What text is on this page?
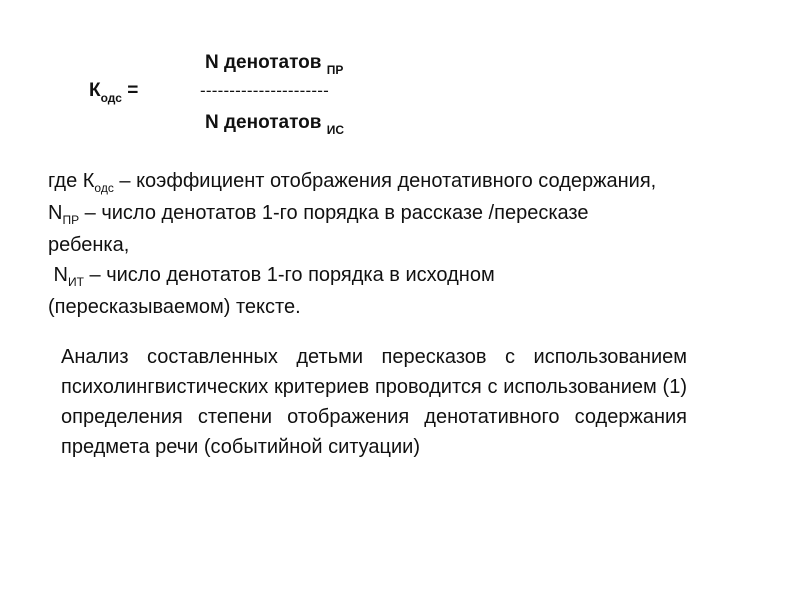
N денотатов $_{ПР}$
$К_{одс}$ =	----------------------
N денотатов $_{ИС}$

где $К_{одс}$ – коэффициент отображения денотативного содержания,

$N_{ПР}$ – число денотатов 1-го порядка в рассказе /пересказе

ребенка,

$N_{ИТ}$ – число денотатов 1-го порядка в исходном

(пересказываемом) тексте.

Анализ составленных детьми пересказов с использованием психолингвистических критериев проводится с использованием (1) определения степени отображения денотативного содержания предмета речи (событийной ситуации)
